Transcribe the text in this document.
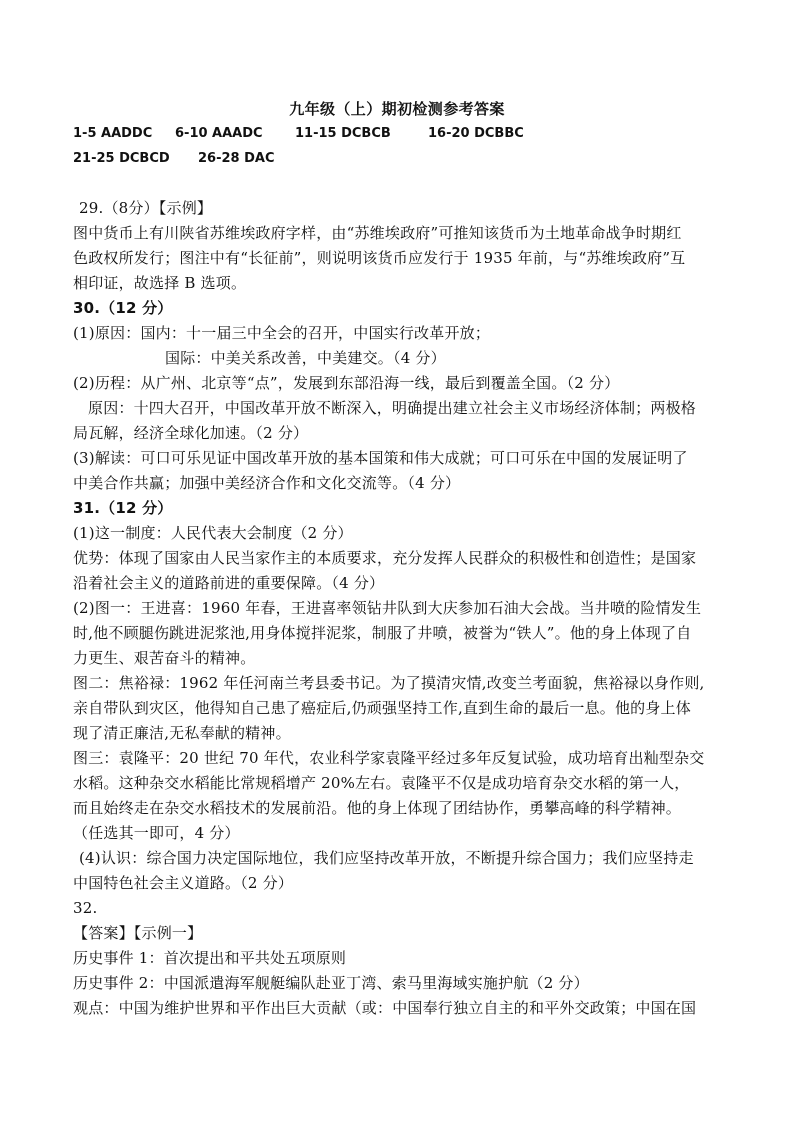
九年级（上）期初检测参考答案
1-5 AADDC 6-10 AAADC 11-15 DCBCB	16-20 DCBBC
21-25 DCBCD 26-28 DAC
29.（8分）【示例】
图中货币上有川陕省苏维埃政府字样，由“苏维埃政府”可推知该货币为土地革命战争时期红
色政权所发行；图注中有“长征前”，则说明该货币应发行于 1935 年前，与“苏维埃政府”互
相印证，故选择 B 选项。
30.（12 分）
(1)原因：国内：十一届三中全会的召开，中国实行改革开放；
国际：中美关系改善，中美建交。（4 分）
(2)历程：从广州、北京等“点”，发展到东部沿海一线，最后到覆盖全国。（2 分）
原因：十四大召开，中国改革开放不断深入，明确提出建立社会主义市场经济体制；两极格
局瓦解，经济全球化加速。（2 分）
(3)解读：可口可乐见证中国改革开放的基本国策和伟大成就；可口可乐在中国的发展证明了
中美合作共赢；加强中美经济合作和文化交流等。（4 分）
31.（12 分）
(1)这一制度：人民代表大会制度（2 分）
优势：体现了国家由人民当家作主的本质要求，充分发挥人民群众的积极性和创造性；是国家
沿着社会主义的道路前进的重要保障。（4 分）
(2)图一：王进喜：1960 年春，王进喜率领钻井队到大庆参加石油大会战。当井喷的险情发生
时,他不顾腿伤跳进泥浆池,用身体搅拌泥浆，制服了井喷，被誉为“铁人”。他的身上体现了自
力更生、艰苦奋斗的精神。
图二：焦裕禄：1962 年任河南兰考县委书记。为了摸清灾情,改变兰考面貌，焦裕禄以身作则,
亲自带队到灾区，他得知自己患了癌症后,仍顽强坚持工作,直到生命的最后一息。他的身上体
现了清正廉洁,无私奉献的精神。
图三：袁隆平：20 世纪 70 年代，农业科学家袁隆平经过多年反复试验，成功培育出籼型杂交
水稻。这种杂交水稻能比常规稻增产 20%左右。袁隆平不仅是成功培育杂交水稻的第一人，
而且始终走在杂交水稻技术的发展前沿。他的身上体现了团结协作，勇攀高峰的科学精神。
（任选其一即可，4 分）
(4)认识：综合国力决定国际地位，我们应坚持改革开放，不断提升综合国力；我们应坚持走
中国特色社会主义道路。（2 分）
32.
【答案】【示例一】
历史事件 1：首次提出和平共处五项原则
历史事件 2：中国派遣海军舰艇编队赴亚丁湾、索马里海域实施护航（2 分）
观点：中国为维护世界和平作出巨大贡献（或：中国奉行独立自主的和平外交政策；中国在国
